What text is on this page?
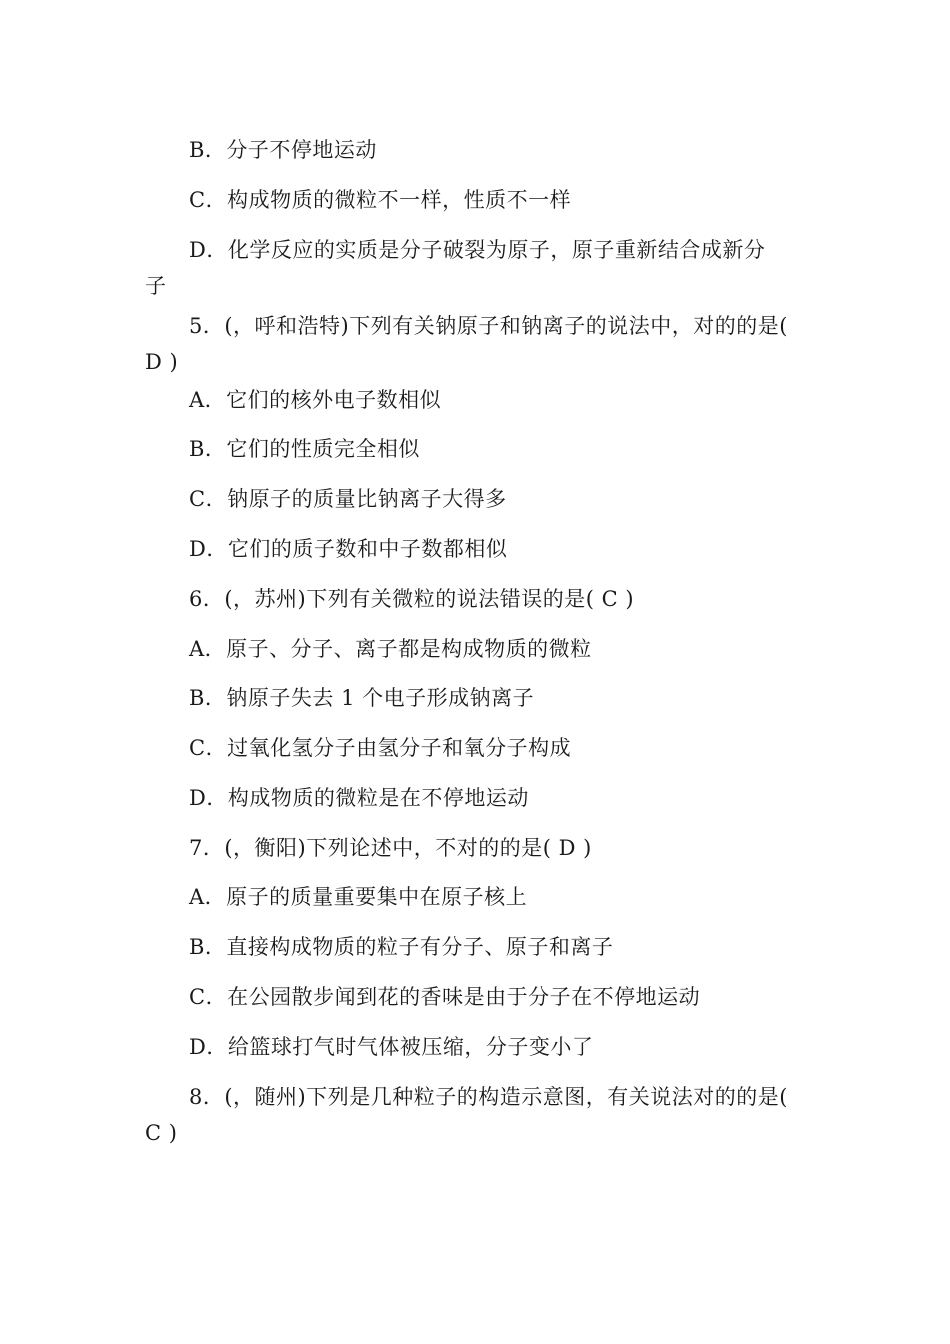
B．分子不停地运动
C．构成物质的微粒不一样，性质不一样
D．化学反应的实质是分子破裂为原子，原子重新结合成新分
子
5．(，呼和浩特)下列有关钠原子和钠离子的说法中，对的的是(
D )
A．它们的核外电子数相似
B．它们的性质完全相似
C．钠原子的质量比钠离子大得多
D．它们的质子数和中子数都相似
6．(，苏州)下列有关微粒的说法错误的是( C )
A．原子、分子、离子都是构成物质的微粒
B．钠原子失去 1 个电子形成钠离子
C．过氧化氢分子由氢分子和氧分子构成
D．构成物质的微粒是在不停地运动
7．(，衡阳)下列论述中，不对的的是( D )
A．原子的质量重要集中在原子核上
B．直接构成物质的粒子有分子、原子和离子
C．在公园散步闻到花的香味是由于分子在不停地运动
D．给篮球打气时气体被压缩，分子变小了
8．(，随州)下列是几种粒子的构造示意图，有关说法对的的是(
C )
